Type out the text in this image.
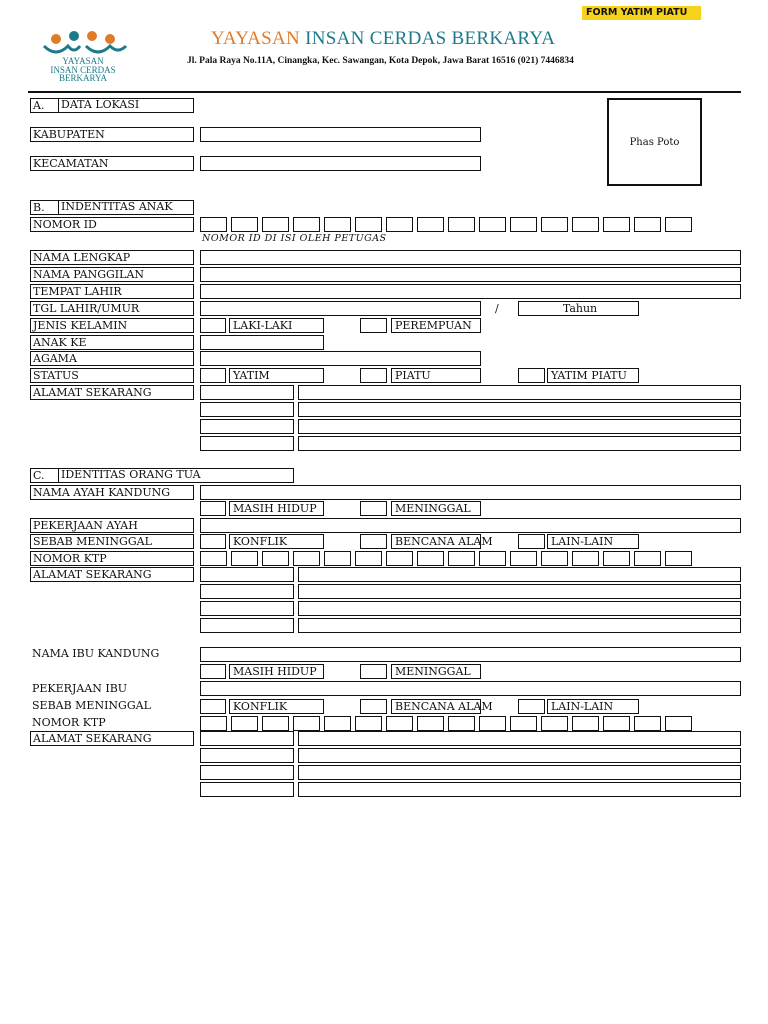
FORM YATIM PIATU
YAYASAN
INSAN CERDAS
BERKARYA
YAYASAN INSAN CERDAS BERKARYA
Jl. Pala Raya No.11A, Cinangka, Kec. Sawangan, Kota Depok, Jawa Barat 16516 (021) 7446834
Phas Poto
A.	DATA LOKASI
KABUPATEN
KECAMATAN
B.	INDENTITAS ANAK
NOMOR ID
NOMOR ID DI ISI OLEH PETUGAS
NAMA LENGKAP
NAMA PANGGILAN
TEMPAT LAHIR
TGL LAHIR/UMUR	/	Tahun
JENIS KELAMIN	LAKI-LAKI	PEREMPUAN
ANAK KE
AGAMA
STATUS	YATIM	PIATU	YATIM PIATU
ALAMAT SEKARANG
C.	IDENTITAS ORANG TUA
NAMA AYAH KANDUNG
MASIH HIDUP	MENINGGAL
PEKERJAAN AYAH
SEBAB MENINGGAL	KONFLIK	BENCANA ALAM	LAIN-LAIN
NOMOR KTP
ALAMAT SEKARANG
NAMA IBU KANDUNG
MASIH HIDUP	MENINGGAL
PEKERJAAN IBU
SEBAB MENINGGAL	KONFLIK	BENCANA ALAM	LAIN-LAIN
NOMOR KTP
ALAMAT SEKARANG
